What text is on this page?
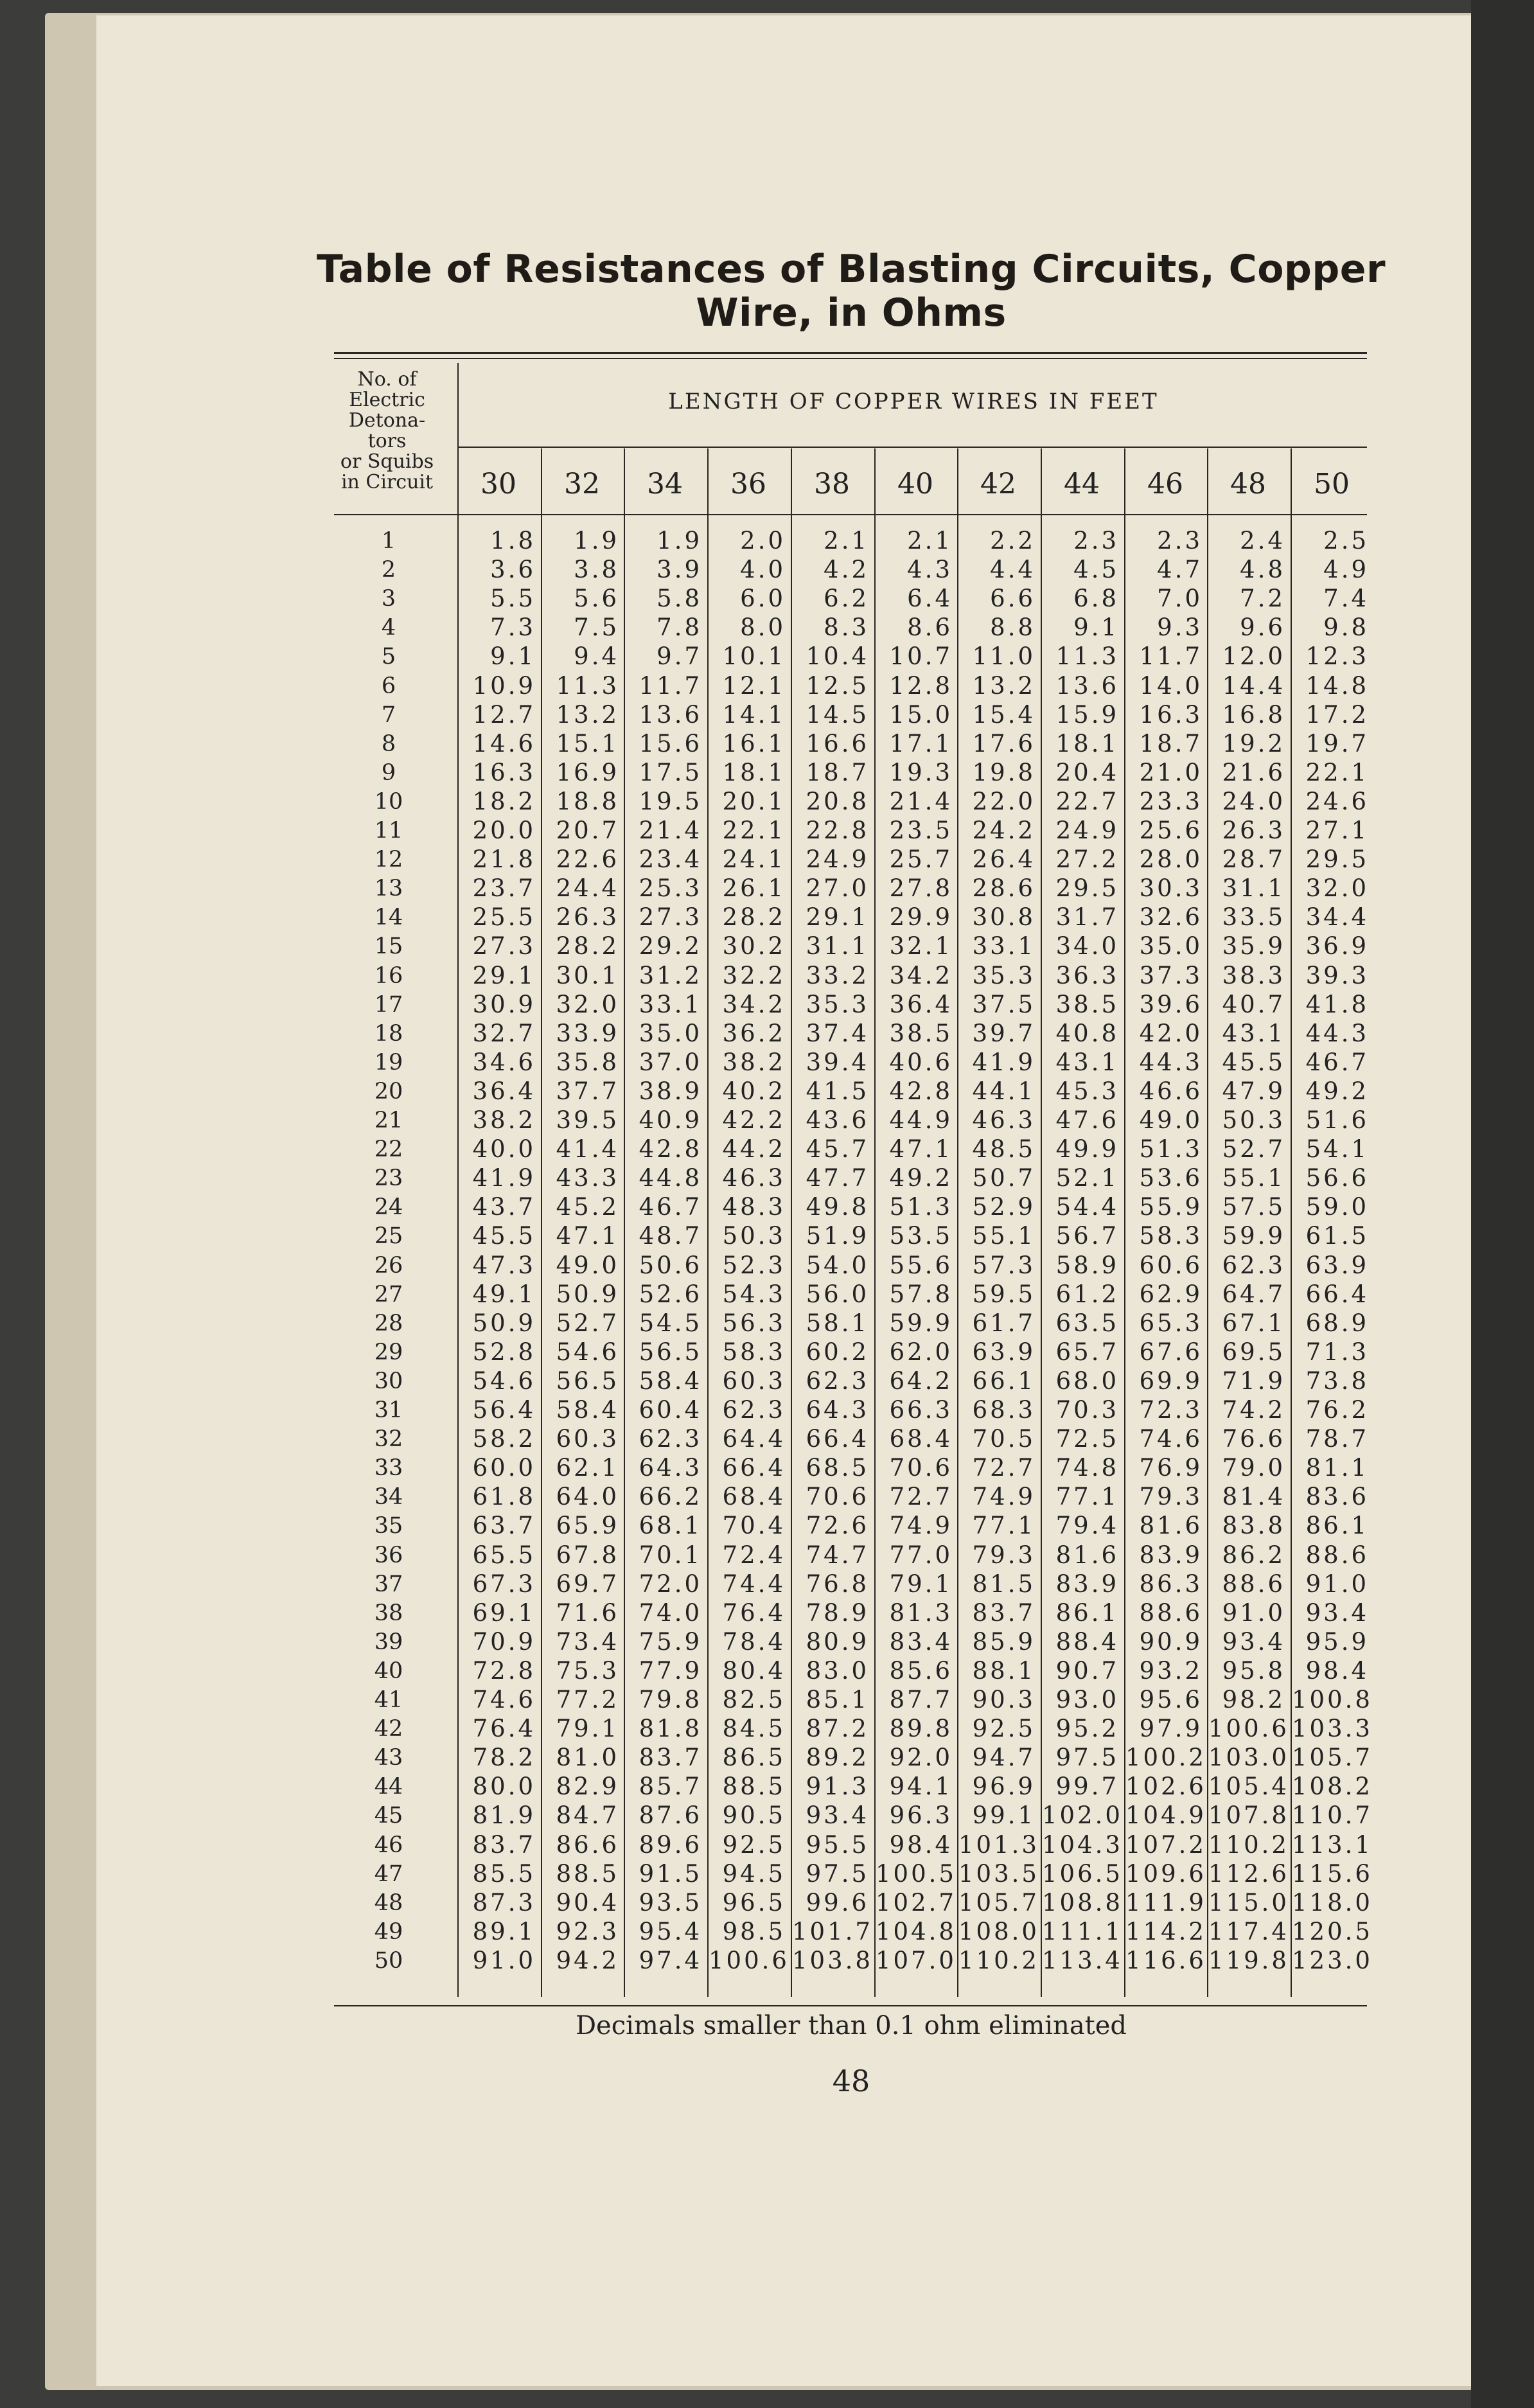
Table of Resistances of Blasting Circuits, Copper
Wire, in Ohms
No. of
Electric
Detona-
tors
or Squibs
in Circuit
LENGTH OF COPPER WIRES IN FEET
Decimals smaller than 0.1 ohm eliminated
48
30	32	34	36	38	40	42	44	46	48	50
1	1.8	1.9	1.9	2.0	2.1	2.1	2.2	2.3	2.3	2.4	2.5
2	3.6	3.8	3.9	4.0	4.2	4.3	4.4	4.5	4.7	4.8	4.9
3	5.5	5.6	5.8	6.0	6.2	6.4	6.6	6.8	7.0	7.2	7.4
4	7.3	7.5	7.8	8.0	8.3	8.6	8.8	9.1	9.3	9.6	9.8
5	9.1	9.4	9.7 10.1 10.4 10.7 11.0 11.3 11.7 12.0 12.3
6	10.9 11.3 11.7 12.1 12.5 12.8 13.2 13.6 14.0 14.4 14.8
7	12.7 13.2 13.6 14.1 14.5 15.0 15.4 15.9 16.3 16.8 17.2
8	14.6 15.1 15.6 16.1 16.6 17.1 17.6 18.1 18.7 19.2 19.7
9	16.3 16.9 17.5 18.1 18.7 19.3 19.8 20.4 21.0 21.6 22.1
10	18.2 18.8 19.5 20.1 20.8 21.4 22.0 22.7 23.3 24.0 24.6
11	20.0 20.7 21.4 22.1 22.8 23.5 24.2 24.9 25.6 26.3 27.1
12	21.8 22.6 23.4 24.1 24.9 25.7 26.4 27.2 28.0 28.7 29.5
13	23.7 24.4 25.3 26.1 27.0 27.8 28.6 29.5 30.3 31.1 32.0
14	25.5 26.3 27.3 28.2 29.1 29.9 30.8 31.7 32.6 33.5 34.4
15	27.3 28.2 29.2 30.2 31.1 32.1 33.1 34.0 35.0 35.9 36.9
16	29.1 30.1 31.2 32.2 33.2 34.2 35.3 36.3 37.3 38.3 39.3
17	30.9 32.0 33.1 34.2 35.3 36.4 37.5 38.5 39.6 40.7 41.8
18	32.7 33.9 35.0 36.2 37.4 38.5 39.7 40.8 42.0 43.1 44.3
19	34.6 35.8 37.0 38.2 39.4 40.6 41.9 43.1 44.3 45.5 46.7
20	36.4 37.7 38.9 40.2 41.5 42.8 44.1 45.3 46.6 47.9 49.2
21	38.2 39.5 40.9 42.2 43.6 44.9 46.3 47.6 49.0 50.3 51.6
22	40.0 41.4 42.8 44.2 45.7 47.1 48.5 49.9 51.3 52.7 54.1
23	41.9 43.3 44.8 46.3 47.7 49.2 50.7 52.1 53.6 55.1 56.6
24	43.7 45.2 46.7 48.3 49.8 51.3 52.9 54.4 55.9 57.5 59.0
25	45.5 47.1 48.7 50.3 51.9 53.5 55.1 56.7 58.3 59.9 61.5
26	47.3 49.0 50.6 52.3 54.0 55.6 57.3 58.9 60.6 62.3 63.9
27	49.1 50.9 52.6 54.3 56.0 57.8 59.5 61.2 62.9 64.7 66.4
28	50.9 52.7 54.5 56.3 58.1 59.9 61.7 63.5 65.3 67.1 68.9
29	52.8 54.6 56.5 58.3 60.2 62.0 63.9 65.7 67.6 69.5 71.3
30	54.6 56.5 58.4 60.3 62.3 64.2 66.1 68.0 69.9 71.9 73.8
31	56.4 58.4 60.4 62.3 64.3 66.3 68.3 70.3 72.3 74.2 76.2
32	58.2 60.3 62.3 64.4 66.4 68.4 70.5 72.5 74.6 76.6 78.7
33	60.0 62.1 64.3 66.4 68.5 70.6 72.7 74.8 76.9 79.0 81.1
34	61.8 64.0 66.2 68.4 70.6 72.7 74.9 77.1 79.3 81.4 83.6
35	63.7 65.9 68.1 70.4 72.6 74.9 77.1 79.4 81.6 83.8 86.1
36	65.5 67.8 70.1 72.4 74.7 77.0 79.3 81.6 83.9 86.2 88.6
37	67.3 69.7 72.0 74.4 76.8 79.1 81.5 83.9 86.3 88.6 91.0
38	69.1 71.6 74.0 76.4 78.9 81.3 83.7 86.1 88.6 91.0 93.4
39	70.9 73.4 75.9 78.4 80.9 83.4 85.9 88.4 90.9 93.4 95.9
40	72.8 75.3 77.9 80.4 83.0 85.6 88.1 90.7 93.2 95.8 98.4
41	74.6 77.2 79.8 82.5 85.1 87.7 90.3 93.0 95.6 98.2 100.8
42	76.4 79.1 81.8 84.5 87.2 89.8 92.5 95.2 97.9 100.6 103.3
43	78.2 81.0 83.7 86.5 89.2 92.0 94.7 97.5 100.2 103.0 105.7
44	80.0 82.9 85.7 88.5 91.3 94.1 96.9 99.7 102.6 105.4 108.2
45	81.9 84.7 87.6 90.5 93.4 96.3 99.1 102.0 104.9 107.8 110.7
46	83.7 86.6 89.6 92.5 95.5 98.4 101.3 104.3 107.2 110.2 113.1
47	85.5 88.5 91.5 94.5 97.5 100.5 103.5 106.5 109.6 112.6 115.6
48	87.3 90.4 93.5 96.5 99.6 102.7 105.7 108.8 111.9 115.0 118.0
49	89.1 92.3 95.4 98.5 101.7 104.8 108.0 111.1 114.2 117.4 120.5
50	91.0 94.2 97.4 100.6 103.8 107.0 110.2 113.4 116.6 119.8 123.0
